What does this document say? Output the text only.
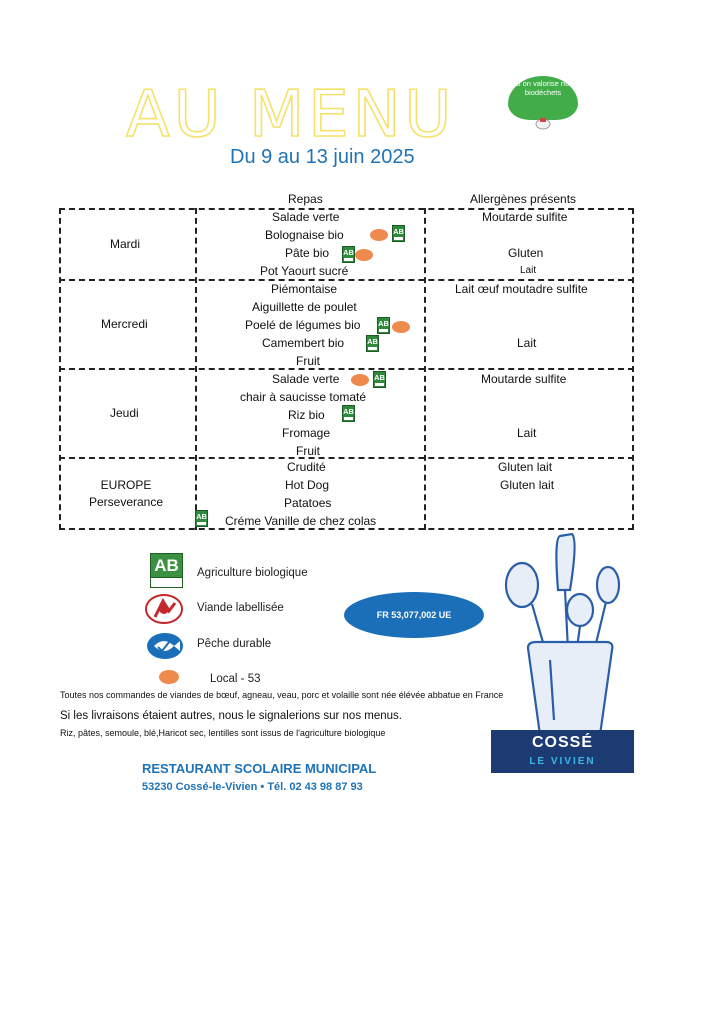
AU MENU
Du 9 au 13 juin 2025
Ici on valorise nos biodéchets
Repas	Allergènes présents
Mardi
Salade verte
Bolognaise bio
Pâte bio
Pot Yaourt sucré
AB
AB
Moutarde sulfite
Gluten
Lait
Mercredi
Piémontaise
Aiguillette de poulet
Poelé de légumes bio
Camembert bio
Fruit
AB
AB
Lait œuf moutadre sulfite
Lait
Jeudi
Salade verte
chair à saucisse tomaté
Riz bio
Fromage
Fruit
AB
AB
Moutarde sulfite
Lait
EUROPE
Perseverance
Crudité
Hot Dog
Patatoes
Créme Vanille de chez colas
AB
Gluten lait
Gluten lait
AB	Agriculture biologique
Viande labellisée
Pêche durable
Local - 53
FR 53,077,002 UE
COSSÉ
LE VIVIEN
Toutes nos commandes de viandes de bœuf, agneau, veau, porc et volaille sont née élévée abbatue en France
Si les livraisons étaient autres, nous le signalerions sur nos menus.
Riz, pâtes, semoule, blé,Haricot sec, lentilles sont issus de l'agriculture biologique
RESTAURANT SCOLAIRE MUNICIPAL
53230 Cossé-le-Vivien • Tél. 02 43 98 87 93
